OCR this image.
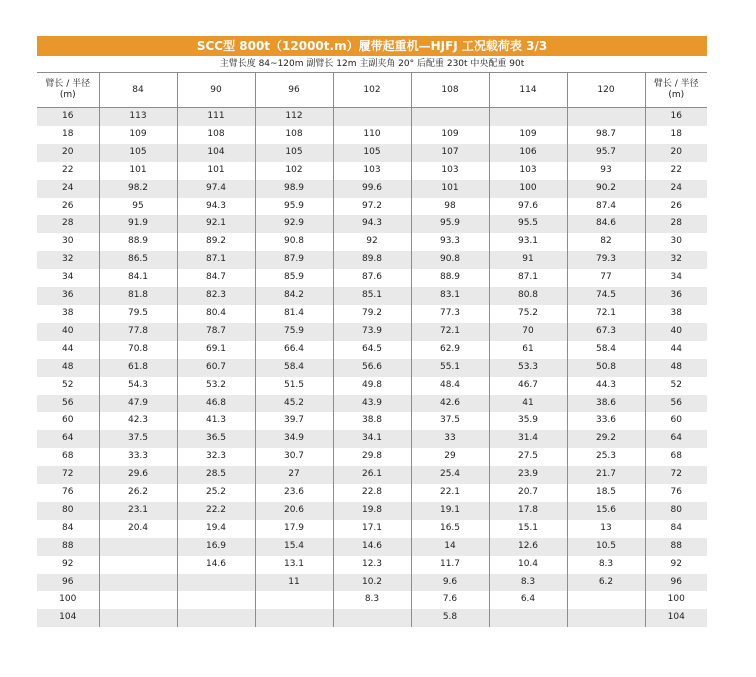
SCC型 800t（12000t.m）履带起重机—HJFJ 工况载荷表 3/3
主臂长度 84~120m 副臂长 12m 主副夹角 20° 后配重 230t 中央配重 90t
臂长 / 半径
(m)	84	90	96	102	108	114	120	臂长 / 半径
(m)
16	113	111	112					16
18	109	108	108	110	109	109	98.7	18
20	105	104	105	105	107	106	95.7	20
22	101	101	102	103	103	103	93	22
24	98.2	97.4	98.9	99.6	101	100	90.2	24
26	95	94.3	95.9	97.2	98	97.6	87.4	26
28	91.9	92.1	92.9	94.3	95.9	95.5	84.6	28
30	88.9	89.2	90.8	92	93.3	93.1	82	30
32	86.5	87.1	87.9	89.8	90.8	91	79.3	32
34	84.1	84.7	85.9	87.6	88.9	87.1	77	34
36	81.8	82.3	84.2	85.1	83.1	80.8	74.5	36
38	79.5	80.4	81.4	79.2	77.3	75.2	72.1	38
40	77.8	78.7	75.9	73.9	72.1	70	67.3	40
44	70.8	69.1	66.4	64.5	62.9	61	58.4	44
48	61.8	60.7	58.4	56.6	55.1	53.3	50.8	48
52	54.3	53.2	51.5	49.8	48.4	46.7	44.3	52
56	47.9	46.8	45.2	43.9	42.6	41	38.6	56
60	42.3	41.3	39.7	38.8	37.5	35.9	33.6	60
64	37.5	36.5	34.9	34.1	33	31.4	29.2	64
68	33.3	32.3	30.7	29.8	29	27.5	25.3	68
72	29.6	28.5	27	26.1	25.4	23.9	21.7	72
76	26.2	25.2	23.6	22.8	22.1	20.7	18.5	76
80	23.1	22.2	20.6	19.8	19.1	17.8	15.6	80
84	20.4	19.4	17.9	17.1	16.5	15.1	13	84
88		16.9	15.4	14.6	14	12.6	10.5	88
92		14.6	13.1	12.3	11.7	10.4	8.3	92
96			11	10.2	9.6	8.3	6.2	96
100				8.3	7.6	6.4		100
104					5.8			104
